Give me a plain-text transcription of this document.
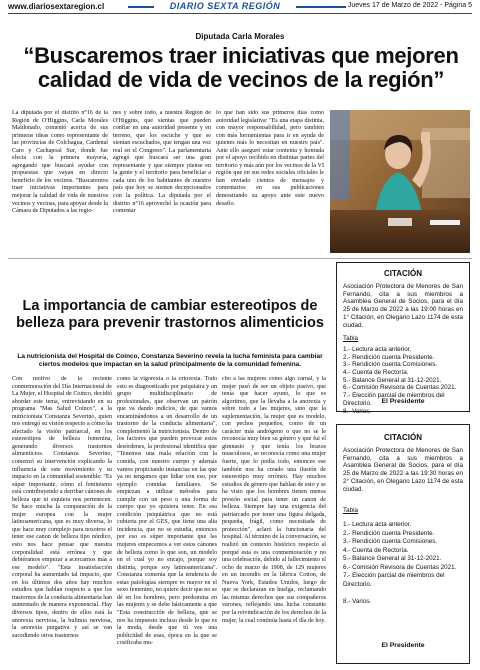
www.diariosextaregion.cl	DIARIO SEXTA REGIÓN	Jueves 17 de Marzo de 2022 - Página 5
Diputada Carla Morales
“Buscaremos traer iniciativas que mejoren calidad de vida de vecinos de la región”

La diputada por el distrito n°16 de la Región de O'Higgins, Carla Morales Maldonado, comentó acerca de sus primeras ideas como representante de las provincias de Colchagua, Cardenal Caro y Cachapoal Sur, donde fue electa con la primera mayoría, agregando que buscará ayudar con propuestas que vayan en directo beneficio de los vecinos. "Buscaremos traer iniciativas importantes para mejorar la calidad de vida de nuestros vecinos y vecinas, para apoyar desde la Cámara de Diputados a las regio-

nes y sobre todo, a nuestra Región de O'Higgins, que sientas que pueden confiar en una autoridad presente y en terreno, que los escuche y que se sientan escuchados, que tengan una voz real en el Congreso". La parlamentaria agregó que buscará ser una gran representante y que siempre piense en la gente y el territorio para beneficiar a cada uno de los habitantes de nuestro país que hoy se sienten decepcionados con la política. La diputada por el distrito n°16 aprovechó la ocasión para comentar

lo que han sido sus primeros días como autoridad legislativa: "Es una etapa distinta, con mayor responsabilidad, pero también con más herramientas para ir en ayuda de quienes más lo necesitan en nuestro país". Ante ello aseguró estar contenta y honrada por el apoyo recibido en distintas partes del territorio y más aún por los vecinos de la VI región que en sus redes sociales oficiales le han enviado cientos de mensajes y comentarios en sus publicaciones demostrando su apoyo ante este nuevo desafío.

La importancia de cambiar estereotipos de belleza para prevenir trastornos alimenticios
La nutricionista del Hospital de Coinco, Constanza Severino revela la lucha feminista para cambiar ciertos modelos que impactan en la salud principalmente de la comunidad femenina.

Con motivo de la reciente conmemoración del Día Internacional de La Mujer, el Hospital de Coinco, decidió abordar este tema, entrevistando en su programa "Mas Salud Coinco", a la nutricionista Constanza Severino, quien nos entregó su visión respecto a cómo ha afectado la visión patriarcal, en los estereotipos de belleza femenina, generando diversos trastornos alimenticios. Constanza Severino, comenzó su intervención explicando la influencia de este movimiento y su impacto en la comunidad sostenible: "Es súper importante, cómo el feminismo está contribuyendo a derribar cánones de belleza que ni siquiera nos pertenecen. Se hace mucha la comparación de la mujer europea con la mujer latinoamericana, que es muy diversa, lo que hace muy complejo para nosotros el tener ese canon de belleza tipo nórdico, esto nos hace pensar que nuestra corporalidad está errónea y que debiéramos empezar a acercarnos más a ese modelo". "Esta insatisfacción corporal ha aumentado tal impacto, que en los últimos dos años hay muchos estudios que hablan respecto a que los trastornos de la conducta alimentaria han aumentado de manera exponencial. Hay diversos tipos, dentro de ellos está la anorexia nerviosa, la bulimia nerviosa, la anorexia purgativa y así se van sucediendo otros trastornos

como la vigorexia o la ortorexia. Todo esto es diagnosticado por psiquiatra y un grupo multidisciplinario de profesionales, que observan un patrón que va dando indicios, de que vamos encaminándonos a un desarrollo de un trastorno de la conducta alimentaria", complementó la nutricionista. Dentro de los factores que pueden provocar estos desórdenes, la profesional identifica que "Tenemos una mala relación con la comida, con nuestro cuerpo y además vamos propiciando instancias en las que ya no tengamos que lidiar con eso, por ejemplo comidas familiares. Se empiezan a utilizar métodos para cumplir con un peso o una forma de cuerpo que yo quisiera tener. En esa condición psiquiátrica que no está cubierta por el GES, que tiene una alta incidencia, que no se estudia, entonces por eso es súper importante que las mujeres empecemos a ver estos cánones de belleza como lo que son, un modelo en el cual yo no encajo, porque soy distinta, porque soy latinoamericana". Constanza comenta que la tendencia de estas patologías siempre es mayor en el sexo femenino, no quiere decir que no se dé en los hombres, pero predomina en las mujeres y se debe básicamente a que "Esta construcción de belleza, que se nos ha impuesto incluso desde lo que es la moda, desde que tú ves una publicidad de esas, época en la que se cosificaba mu-

cho a las mujeres como algo carnal, y la mujer pasó de ser un objeto pasivo, que tenía que hacer ayuno, lo que es algoritmo, que la llevaba a la anorexia y sobre todo a las mujeres, sino que la suplementación, la mujer que es modelo, con pechos pequeños, como de un carácter más andrógeno o que no se le reconocía muy bien su género y que fui el gimnasio y que tenía los brazos musculosos, se reconocía como una mujer fuerte, que lo podía todo, entonces ese también nos ha creado una ilusión de estereotipo muy erróneo. Hay muchos estudios de género que hablan de esto y se ha visto que los hombres tienen menos presión social para tener un canon de belleza. Siempre hay una exigencia del patriarcado por tener una figura delgada, pequeña, frágil, como necesitada de protección", aclaró la funcionaria del hospital. Al término de la conversación, se realizó un contexto histórico respecto al porqué esta es una conmemoración y no una celebración, debido al fallecimiento el ocho de marzo de 1908, de 129 mujeres en un incendio en la fábrica Cotton, de Nueva York, Estados Unidos, luego de que se declararan en huelga, reclamando las mismas derechos que sus compañeros varones, reflejando una lucha constante por la reivindicación de los derechos de la mujer, la cual continúa hasta el día de hoy.

CITACIÓN
Asociación Protectora de Menores de San Fernando, cita a sus miembros a Asamblea General de Socios, para el día 25 de Marzo de 2022 a las 19:00 horas en 1° Citación, en Olegario Lazo 1174 de esta ciudad.
Tabla
1.- Lectura acta anterior.
2.- Rendición cuenta Presidente.
3.- Rendición cuenta Comisiones.
4.- Cuenta de Rectoría.
5.- Balance General al 31-12-2021.
6.- Comisión Revisora de Cuentas 2021.
7.- Elección parcial de miembros del Directorio.
8.- Varios.
El Presidente
CITACIÓN
Asociación Protectora de Menores de San Fernando, cita a sus miembros a Asamblea General de Socios, para el día 25 de Marzo de 2022 a las 19:30 horas en 2° Citación, en Olegario Lazo 1174 de esta ciudad.
Tabla
1.- Lectura acta anterior.
2.- Rendición cuenta Presidente.
3.- Rendición cuenta Comisiones.
4.- Cuenta de Rectoría.
5.- Balance General al 31-12-2021.
6.- Comisión Revisora de Cuentas 2021.
7.- Elección parcial de miembros del Directorio.
8.- Varios.
El Presidente
